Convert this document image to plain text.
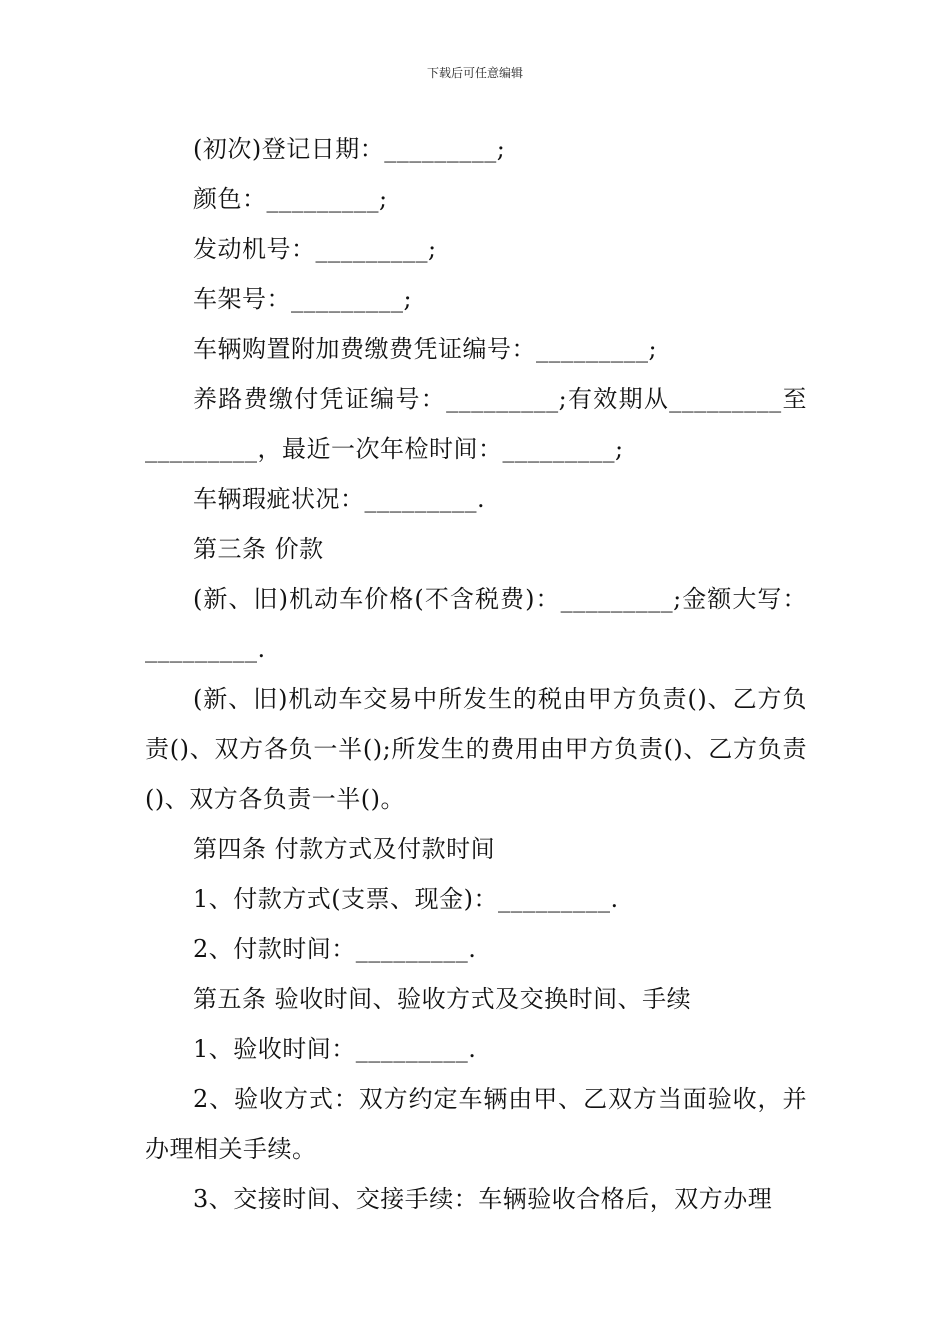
下载后可任意编辑

(初次)登记日期：_________;

颜色：_________;

发动机号：_________;

车架号：_________;

车辆购置附加费缴费凭证编号：_________;

养路费缴付凭证编号：_________;有效期从_________至_________，最近一次年检时间：_________;

车辆瑕疵状况：_________.

第三条 价款

(新、旧)机动车价格(不含税费)：_________;金额大写：_________.

(新、旧)机动车交易中所发生的税由甲方负责()、乙方负责()、双方各负一半();所发生的费用由甲方负责()、乙方负责()、双方各负责一半()。

第四条 付款方式及付款时间

1、付款方式(支票、现金)：_________.

2、付款时间：_________.

第五条 验收时间、验收方式及交换时间、手续

1、验收时间：_________.

2、验收方式：双方约定车辆由甲、乙双方当面验收，并办理相关手续。

3、交接时间、交接手续：车辆验收合格后，双方办理
